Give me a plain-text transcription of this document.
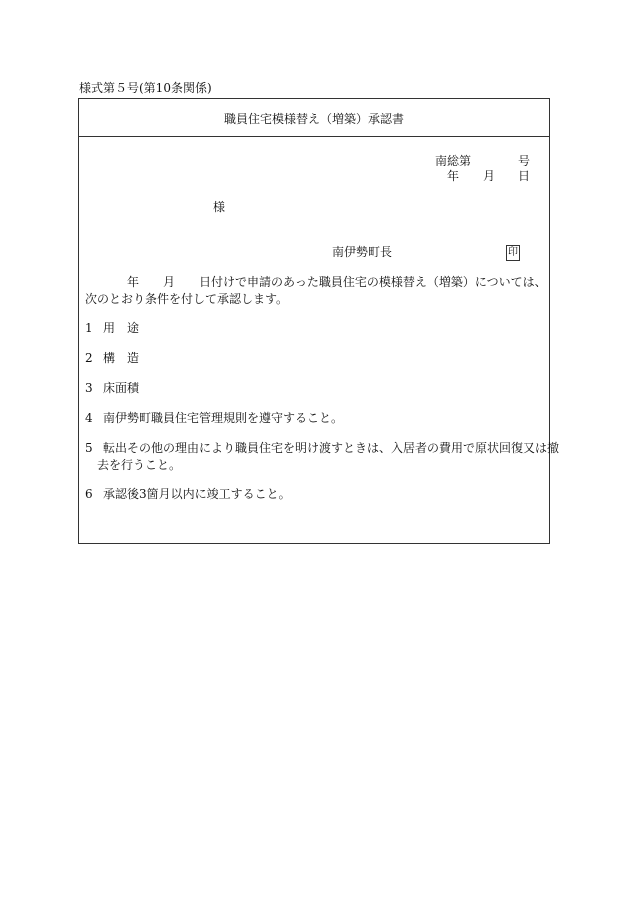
様式第５号(第10条関係)
職員住宅模様替え（増築）承認書
南総第	号
年 月 日
様
南伊勢町長	印
年 月 日付けで申請のあった職員住宅の模様替え（増築）については、次のとおり条件を付して承認します。
1 用　途
2 構　造
3 床面積
4 南伊勢町職員住宅管理規則を遵守すること。
5 転出その他の理由により職員住宅を明け渡すときは、入居者の費用で原状回復又は撤去を行うこと。
6 承認後3箇月以内に竣工すること。
